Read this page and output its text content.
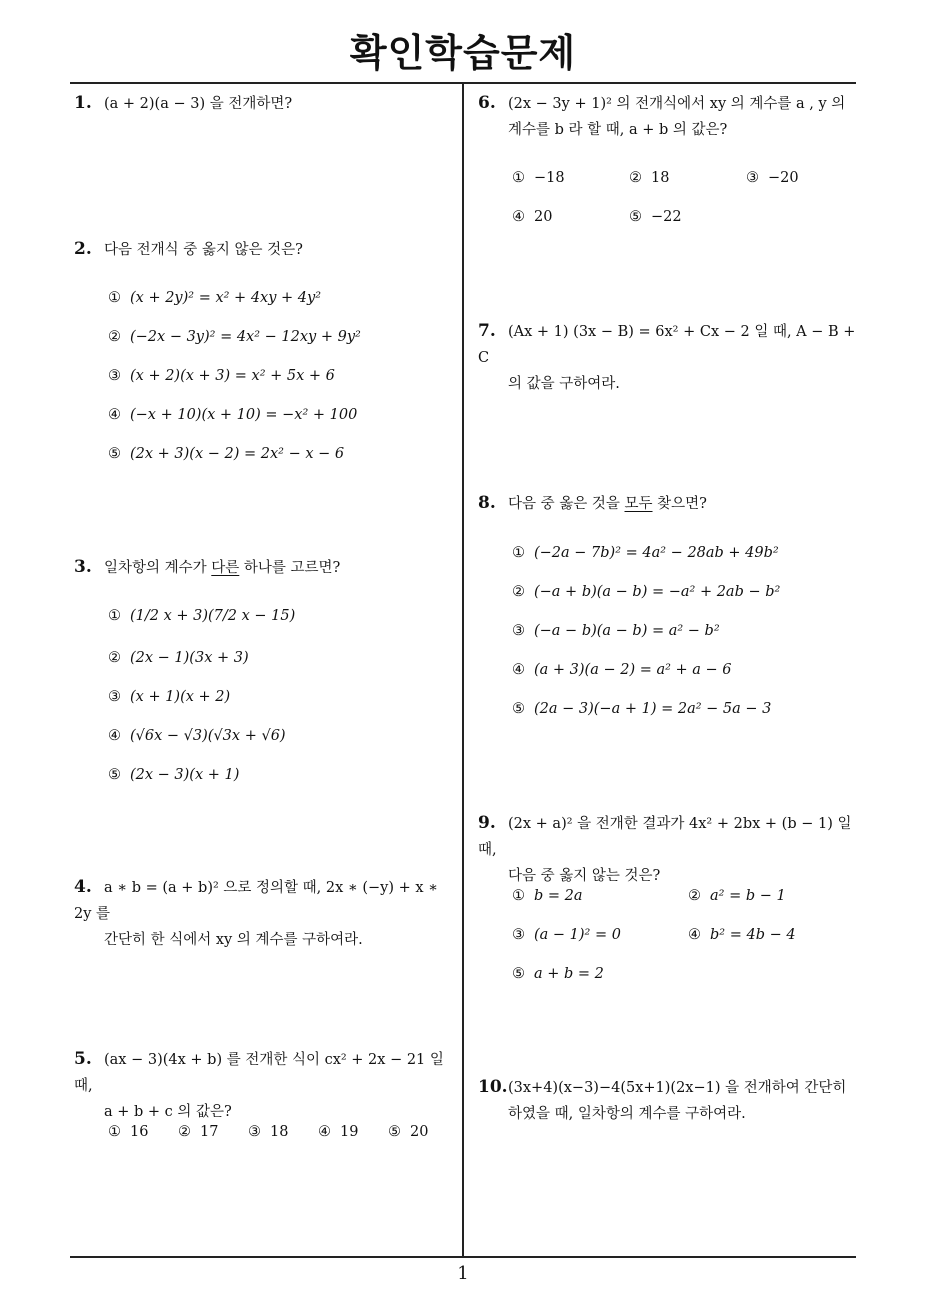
확인학습문제
1. (a + 2)(a − 3) 을 전개하면?
2. 다음 전개식 중 옳지 않은 것은?
① (x + 2y)² = x² + 4xy + 4y²
② (−2x − 3y)² = 4x² − 12xy + 9y²
③ (x + 2)(x + 3) = x² + 5x + 6
④ (−x + 10)(x + 10) = −x² + 100
⑤ (2x + 3)(x − 2) = 2x² − x − 6
3. 일차항의 계수가 다른 하나를 고르면?
① (1/2 x + 3)(7/2 x − 15)
② (2x − 1)(3x + 3)
③ (x + 1)(x + 2)
④ (√6x − √3)(√3x + √6)
⑤ (2x − 3)(x + 1)
4. a ∗ b = (a + b)² 으로 정의할 때, 2x ∗ (−y) + x ∗ 2y 를
간단히 한 식에서 xy 의 계수를 구하여라.
5. (ax − 3)(4x + b) 를 전개한 식이 cx² + 2x − 21 일 때,
a + b + c 의 값은?
① 16 ② 17 ③ 18 ④ 19 ⑤ 20
6. (2x − 3y + 1)² 의 전개식에서 xy 의 계수를 a , y 의
계수를 b 라 할 때, a + b 의 값은?
① −18	② 18	③ −20
④ 20	⑤ −22
7. (Ax + 1) (3x − B) = 6x² + Cx − 2 일 때, A − B + C
의 값을 구하여라.
8. 다음 중 옳은 것을 모두 찾으면?
① (−2a − 7b)² = 4a² − 28ab + 49b²
② (−a + b)(a − b) = −a² + 2ab − b²
③ (−a − b)(a − b) = a² − b²
④ (a + 3)(a − 2) = a² + a − 6
⑤ (2a − 3)(−a + 1) = 2a² − 5a − 3
9. (2x + a)² 을 전개한 결과가 4x² + 2bx + (b − 1) 일 때,
다음 중 옳지 않는 것은?
① b = 2a	② a² = b − 1
③ (a − 1)² = 0	④ b² = 4b − 4
⑤ a + b = 2
10.(3x+4)(x−3)−4(5x+1)(2x−1) 을 전개하여 간단히
하였을 때, 일차항의 계수를 구하여라.
1
